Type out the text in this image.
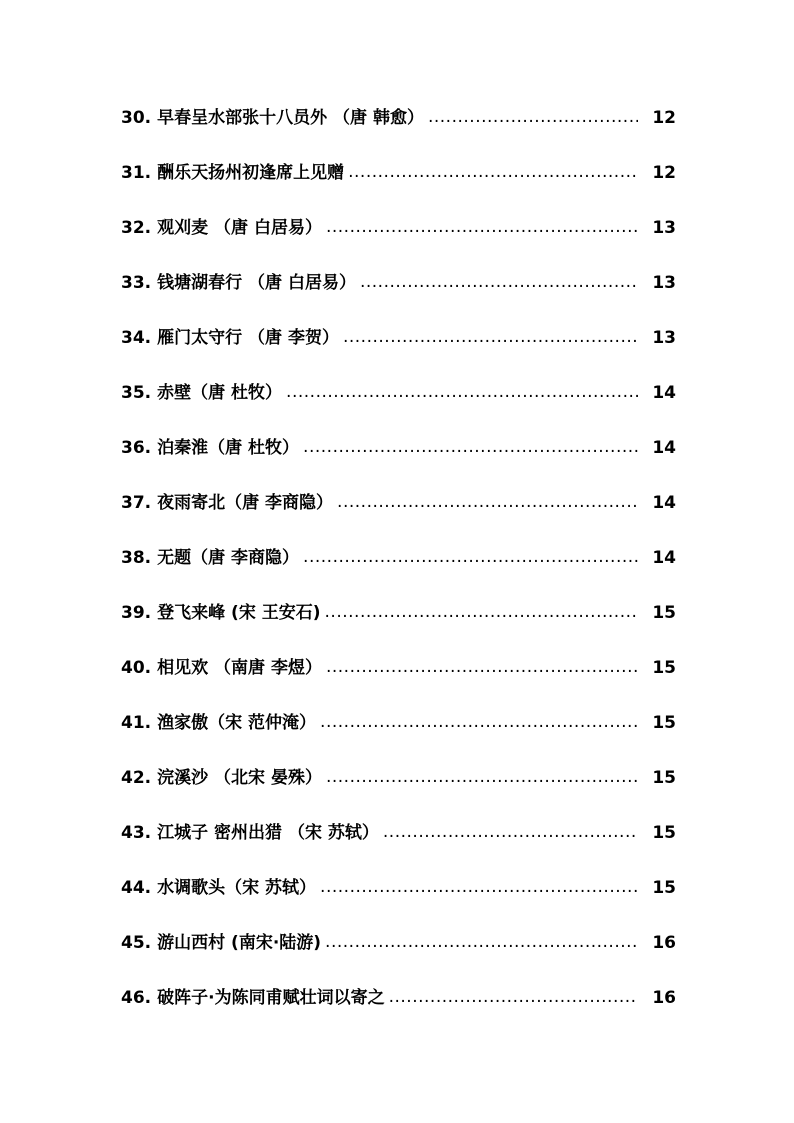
30. 早春呈水部张十八员外 （唐 韩愈） .....	12
31. 酬乐天扬州初逢席上见赠 .....	12
32. 观刈麦 （唐 白居易） .....	13
33. 钱塘湖春行 （唐 白居易） .....	13
34. 雁门太守行 （唐 李贺） .....	13
35. 赤壁（唐 杜牧） .....	14
36. 泊秦淮（唐 杜牧） .....	14
37. 夜雨寄北（唐 李商隐） .....	14
38. 无题（唐 李商隐） .....	14
39. 登飞来峰 (宋 王安石) .....	15
40. 相见欢 （南唐 李煜） .....	15
41. 渔家傲（宋 范仲淹） .....	15
42. 浣溪沙 （北宋 晏殊） .....	15
43. 江城子 密州出猎 （宋 苏轼） .....	15
44. 水调歌头（宋 苏轼） .....	15
45. 游山西村 (南宋·陆游) .....	16
46. 破阵子·为陈同甫赋壮词以寄之 .....	16
